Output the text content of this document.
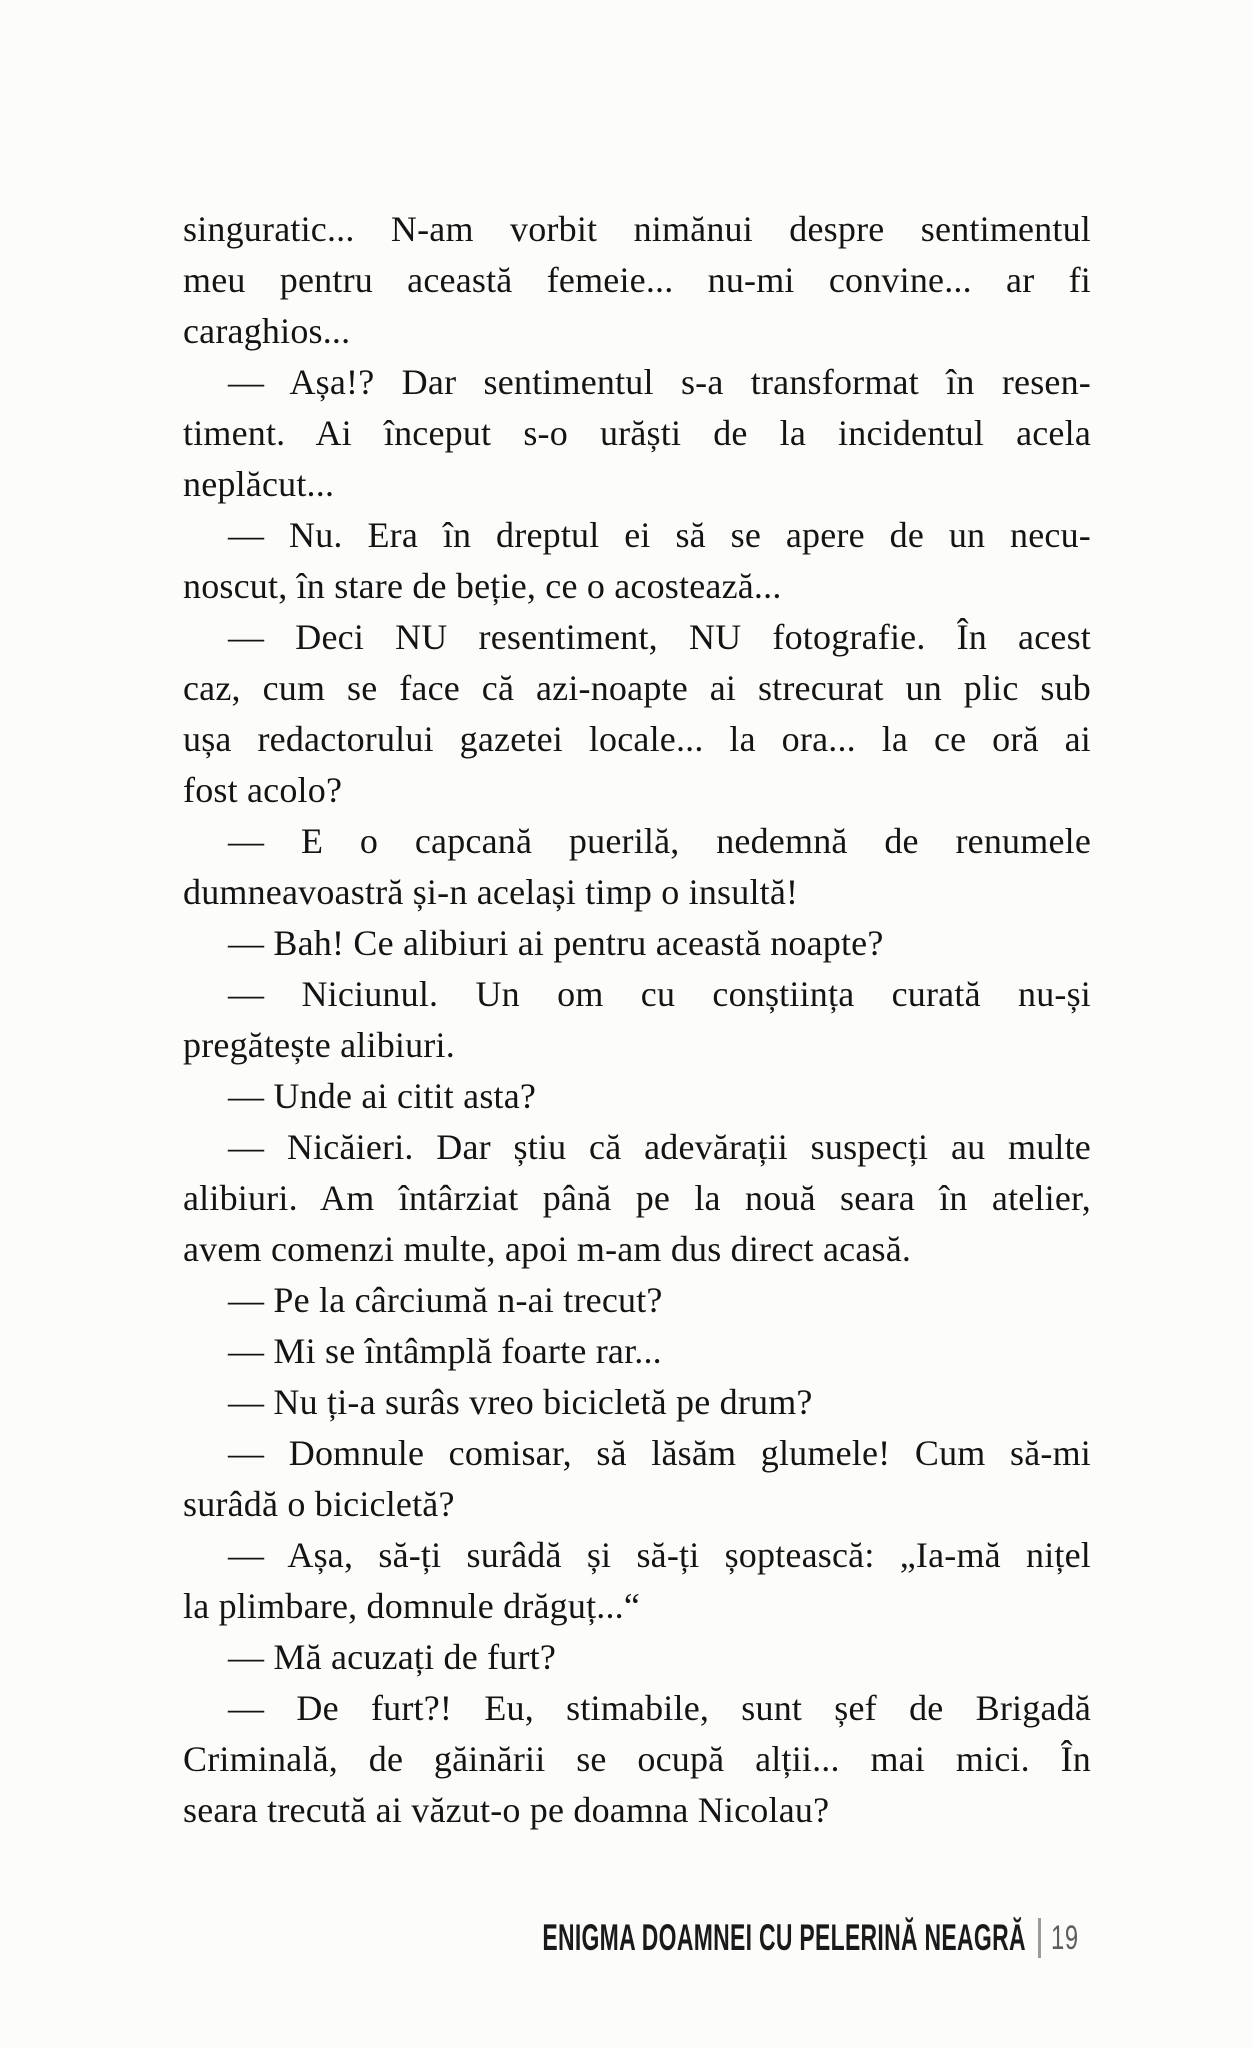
singuratic... N-am vorbit nimănui despre sentimentul
meu pentru această femeie... nu-mi convine... ar fi
caraghios...
— Așa!? Dar sentimentul s-a transformat în resen-
timent. Ai început s-o urăști de la incidentul acela
neplăcut...
— Nu. Era în dreptul ei să se apere de un necu-
noscut, în stare de beție, ce o acostează...
— Deci NU resentiment, NU fotografie. În acest
caz, cum se face că azi-noapte ai strecurat un plic sub
ușa redactorului gazetei locale... la ora... la ce oră ai
fost acolo?
— E o capcană puerilă, nedemnă de renumele
dumneavoastră și-n același timp o insultă!
— Bah! Ce alibiuri ai pentru această noapte?
— Niciunul. Un om cu conștiința curată nu-și
pregătește alibiuri.
— Unde ai citit asta?
— Nicăieri. Dar știu că adevărații suspecți au multe
alibiuri. Am întârziat până pe la nouă seara în atelier,
avem comenzi multe, apoi m-am dus direct acasă.
— Pe la cârciumă n-ai trecut?
— Mi se întâmplă foarte rar...
— Nu ți-a surâs vreo bicicletă pe drum?
— Domnule comisar, să lăsăm glumele! Cum să-mi
surâdă o bicicletă?
— Așa, să-ți surâdă și să-ți șoptească: „Ia-mă nițel
la plimbare, domnule drăguț...“
— Mă acuzați de furt?
— De furt?! Eu, stimabile, sunt șef de Brigadă
Criminală, de găinării se ocupă alții... mai mici. În
seara trecută ai văzut-o pe doamna Nicolau?
ENIGMA DOAMNEI CU PELERINĂ NEAGRĂ 19
